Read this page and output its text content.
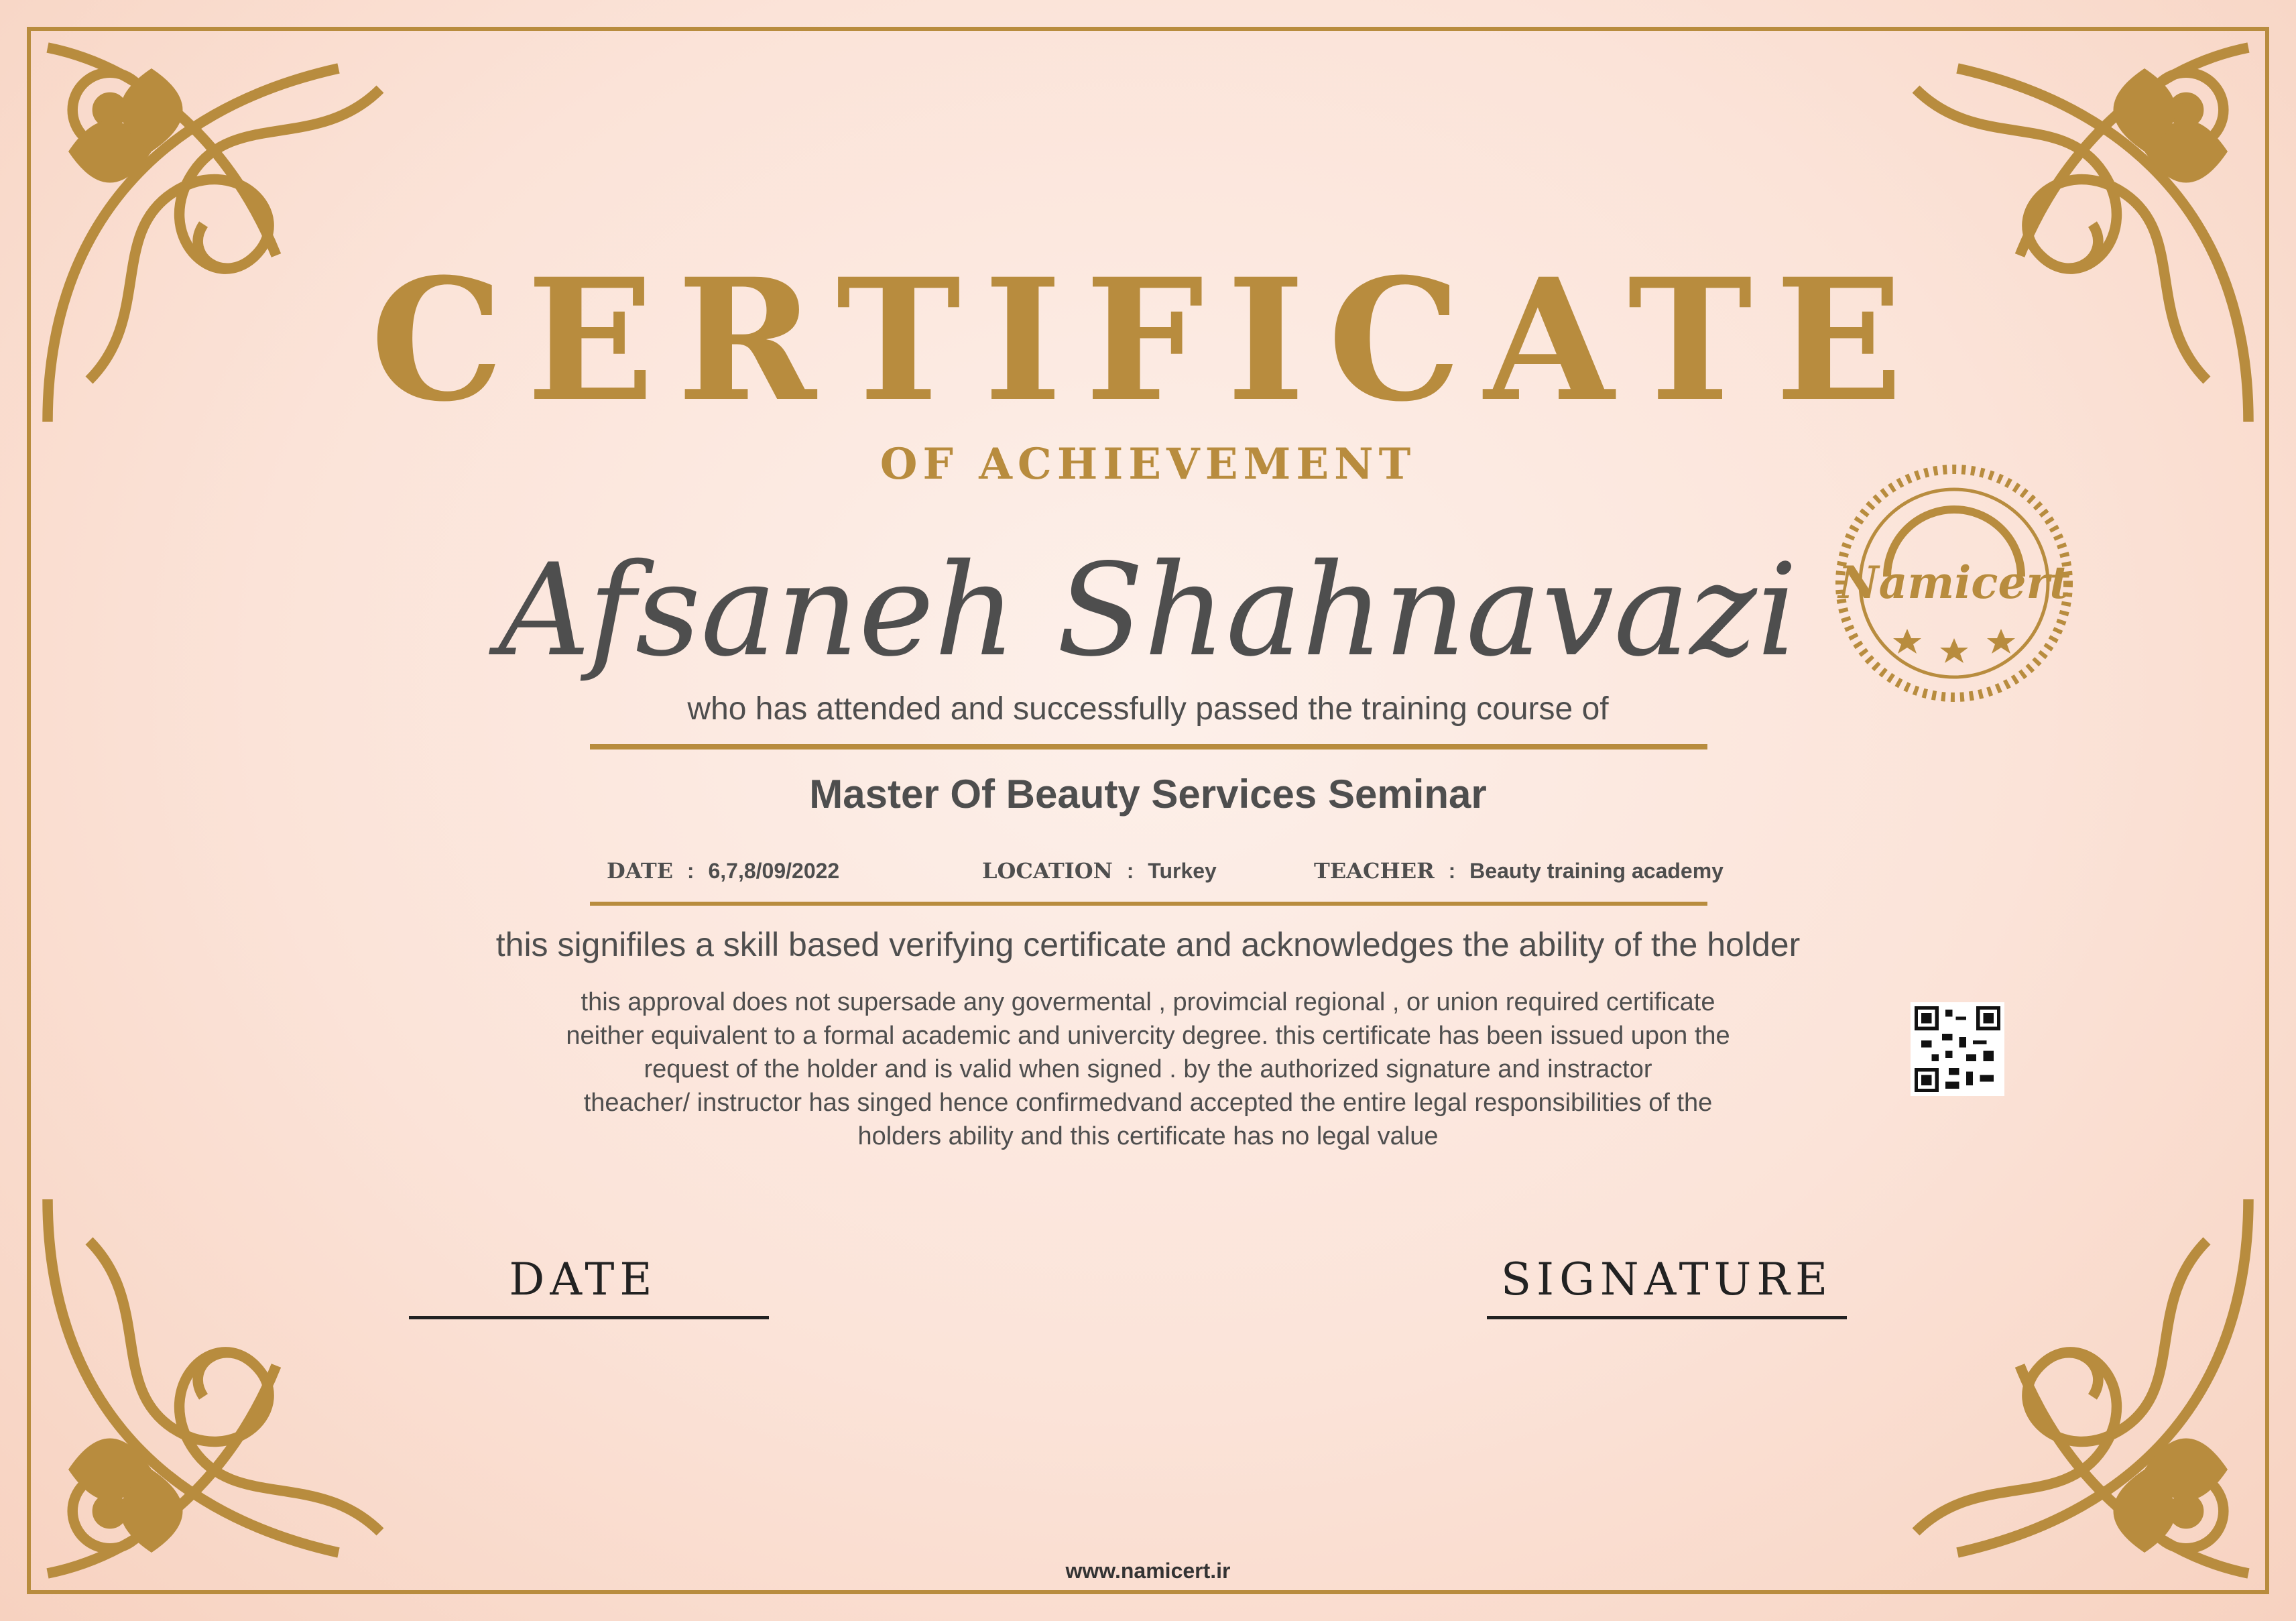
CERTIFICATE
OF ACHIEVEMENT
Afsaneh Shahnavazi
who has attended and successfully passed the training course of
Master Of Beauty Services Seminar
DATE : 6,7,8/09/2022	LOCATION : Turkey	TEACHER : Beauty training academy
this signifiles a skill based verifying certificate and acknowledges the ability of the holder
this approval does not supersade any govermental , provimcial regional , or union required certificate
neither equivalent to a formal academic and univercity degree. this certificate has been issued upon the
request of the holder and is valid when signed . by the authorized signature and instractor
theacher/ instructor has singed hence confirmedvand accepted the entire legal responsibilities of the
holders ability and this certificate has no legal value
Namicert
DATE	SIGNATURE
www.namicert.ir
